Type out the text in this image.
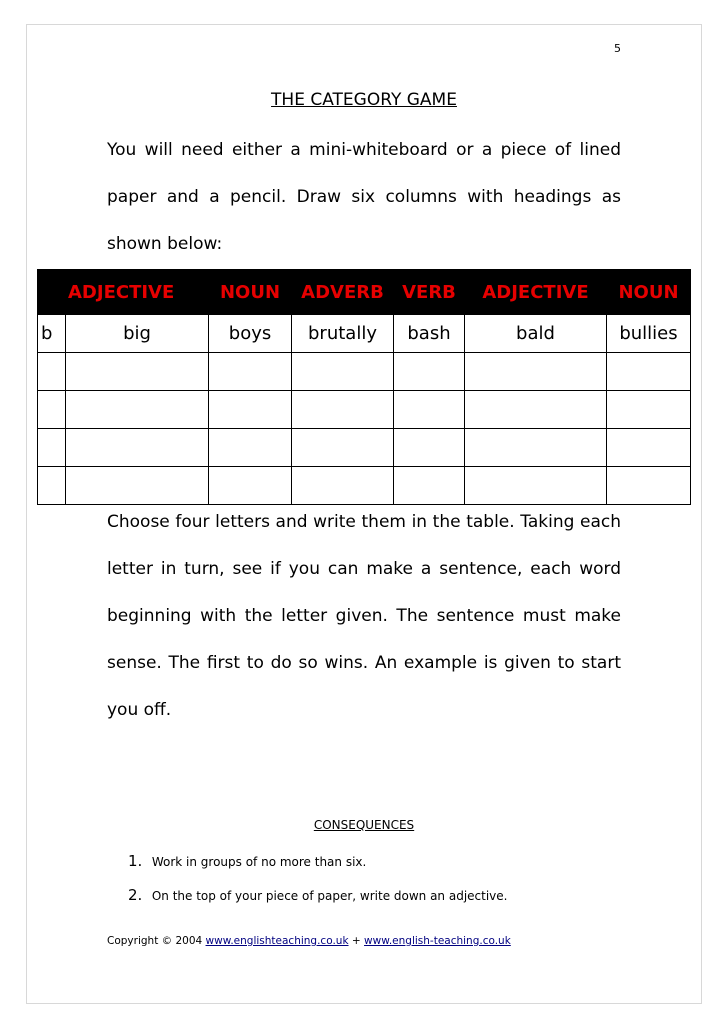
5
THE CATEGORY GAME
You will need either a mini-whiteboard or a piece of lined paper and a pencil. Draw six columns with headings as shown below:
	ADJECTIVE	NOUN	ADVERB	VERB	ADJECTIVE	NOUN
b	big	boys	brutally	bash	bald	bullies

Choose four letters and write them in the table. Taking each letter in turn, see if you can make a sentence, each word beginning with the letter given. The sentence must make sense. The first to do so wins. An example is given to start you off.
CONSEQUENCES
1. Work in groups of no more than six.
2. On the top of your piece of paper, write down an adjective.
Copyright © 2004 www.englishteaching.co.uk + www.english-teaching.co.uk
